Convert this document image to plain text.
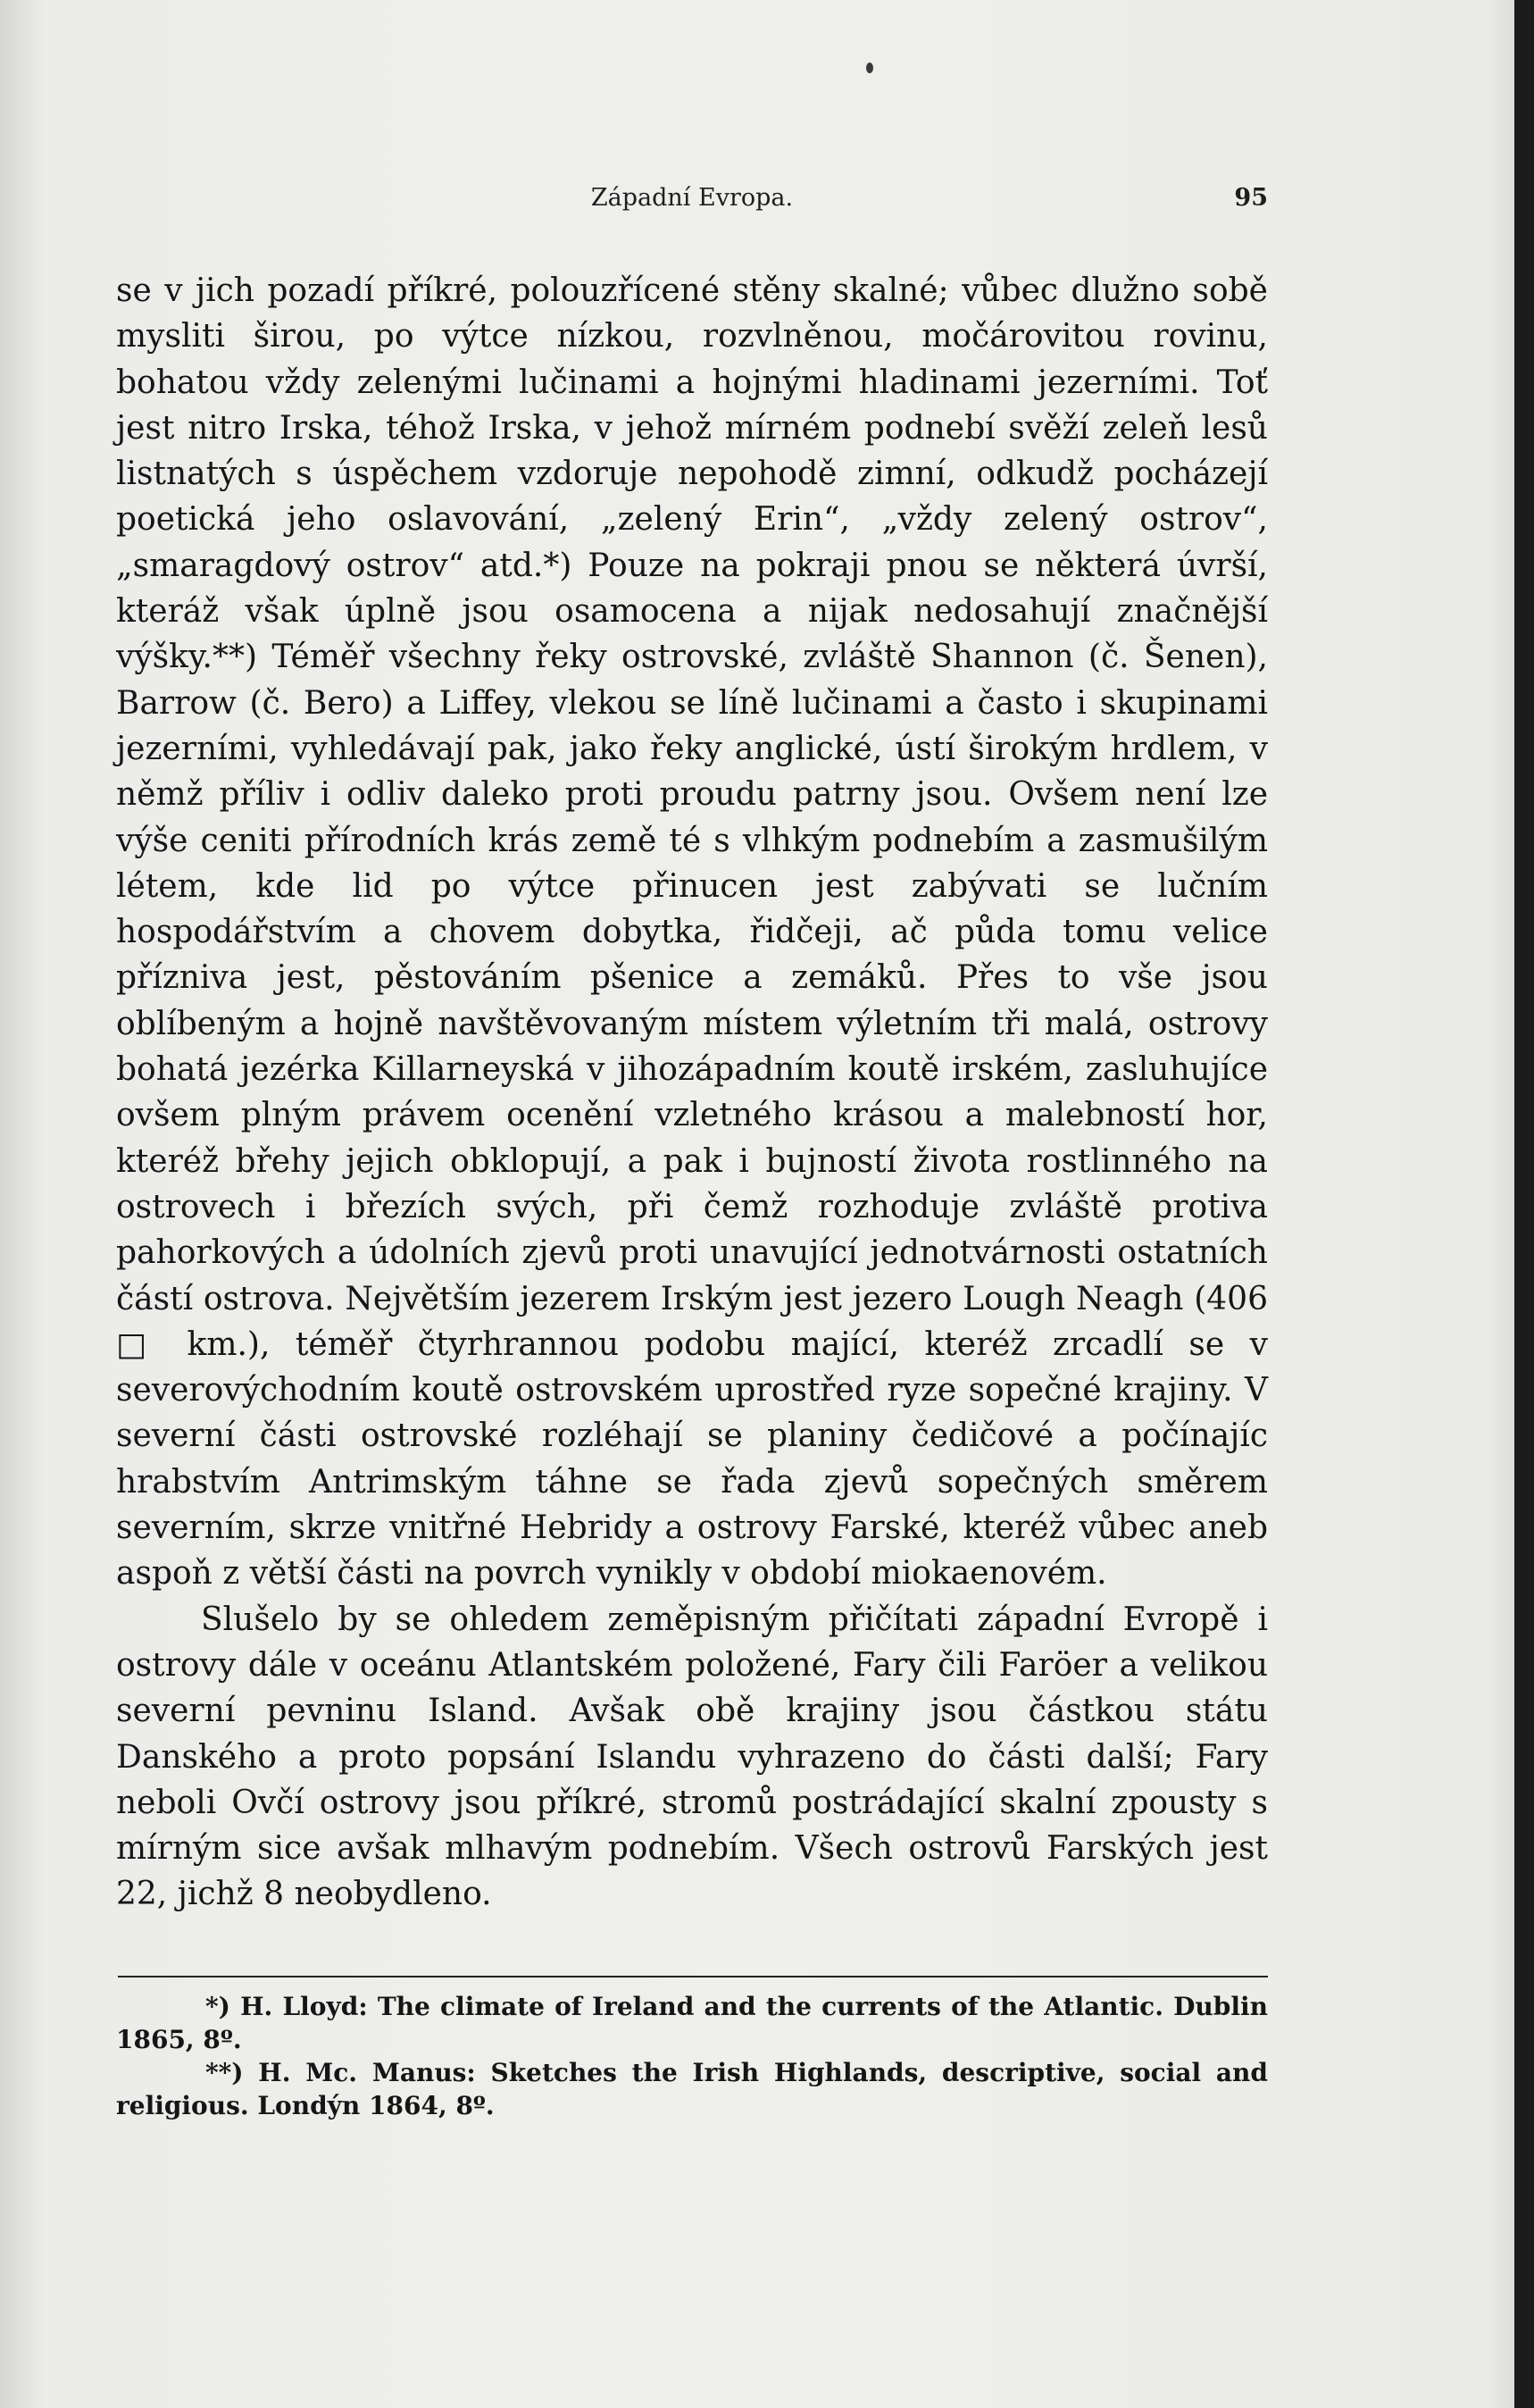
Západní Evropa.	95

se v jich pozadí příkré, polouzřícené stěny skalné; vůbec dlužno sobě mysliti širou, po výtce nízkou, rozvlněnou, močárovitou rovinu, bohatou vždy zelenými lučinami a hojnými hladinami jezerními. Toť jest nitro Irska, téhož Irska, v jehož mírném podnebí svěží zeleň lesů listnatých s úspěchem vzdoruje nepohodě zimní, odkudž pocházejí poetická jeho oslavování, „zelený Erin“, „vždy zelený ostrov“, „smaragdový ostrov“ atd.*) Pouze na pokraji pnou se některá úvrší, kteráž však úplně jsou osamocena a nijak nedosahují značnější výšky.**) Téměř všechny řeky ostrovské, zvláště Shannon (č. Šenen), Barrow (č. Bero) a Liffey, vlekou se líně lučinami a často i skupinami jezerními, vyhledávají pak, jako řeky anglické, ústí širokým hrdlem, v němž příliv i odliv daleko proti proudu patrny jsou. Ovšem není lze výše ceniti přírodních krás země té s vlhkým podnebím a zasmušilým létem, kde lid po výtce přinucen jest zabývati se lučním hospodářstvím a chovem dobytka, řidčeji, ač půda tomu velice přízniva jest, pěstováním pšenice a zemáků. Přes to vše jsou oblíbeným a hojně navštěvovaným místem výletním tři malá, ostrovy bohatá jezérka Killarneyská v jihozápadním koutě irském, zasluhujíce ovšem plným právem ocenění vzletného krásou a malebností hor, kteréž břehy jejich obklopují, a pak i bujností života rostlinného na ostrovech i březích svých, při čemž rozhoduje zvláště protiva pahorkových a údolních zjevů proti unavující jednotvárnosti ostatních částí ostrova. Největším jezerem Irským jest jezero Lough Neagh (406 □ km.), téměř čtyrhrannou podobu mající, kteréž zrcadlí se v severovýchodním koutě ostrovském uprostřed ryze sopečné krajiny. V severní části ostrovské rozléhají se planiny čedičové a počínajíc hrabstvím Antrimským táhne se řada zjevů sopečných směrem severním, skrze vnitřné Hebridy a ostrovy Farské, kteréž vůbec aneb aspoň z větší části na povrch vynikly v období miokaenovém.

Slušelo by se ohledem zeměpisným přičítati západní Evropě i ostrovy dále v oceánu Atlantském položené, Fary čili Faröer a velikou severní pevninu Island. Avšak obě krajiny jsou částkou státu Danského a proto popsání Islandu vyhrazeno do části další; Fary neboli Ovčí ostrovy jsou příkré, stromů postrádající skalní zpousty s mírným sice avšak mlhavým podnebím. Všech ostrovů Farských jest 22, jichž 8 neobydleno.

*) H. Lloyd: The climate of Ireland and the currents of the Atlantic. Dublin 1865, 8º.

**) H. Mc. Manus: Sketches the Irish Highlands, descriptive, social and religious. Londýn 1864, 8º.
